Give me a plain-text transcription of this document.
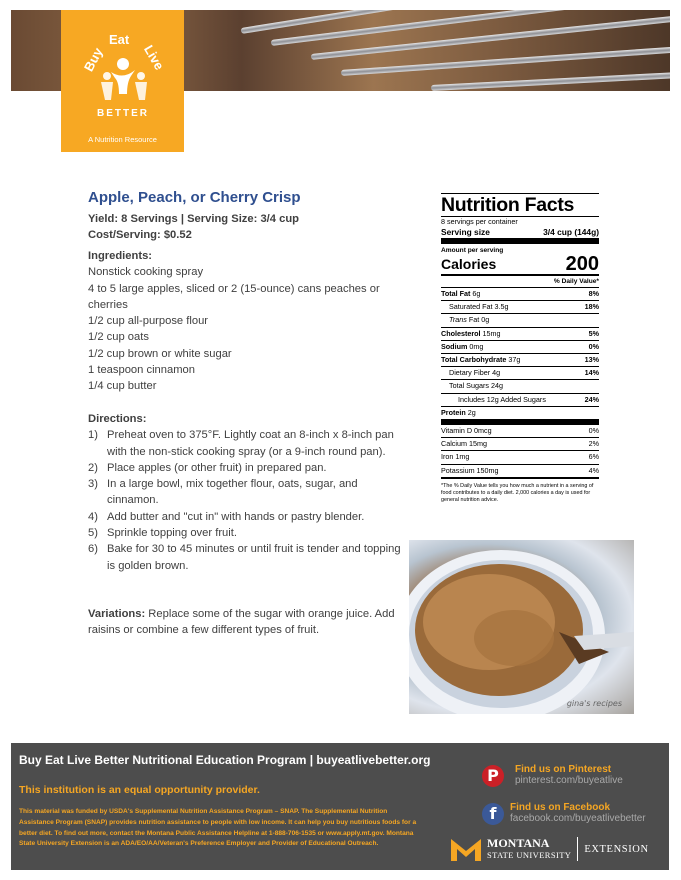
Buy
Eat
Live
BETTER
A Nutrition Resource
Apple, Peach, or Cherry Crisp
Yield: 8 Servings | Serving Size: 3/4 cup
Cost/Serving: $0.52
Ingredients:
Nonstick cooking spray
4 to 5 large apples, sliced or 2 (15-ounce) cans peaches or cherries
1/2 cup all-purpose flour
1/2 cup oats
1/2 cup brown or white sugar
1 teaspoon cinnamon
1/4 cup butter
Directions:
1) Preheat oven to 375°F. Lightly coat an 8-inch x 8-inch pan with the non-stick cooking spray (or a 9-inch round pan).
2) Place apples (or other fruit) in prepared pan.
3) In a large bowl, mix together flour, oats, sugar, and cinnamon.
4) Add butter and "cut in" with hands or pastry blender.
5) Sprinkle topping over fruit.
6) Bake for 30 to 45 minutes or until fruit is tender and topping is golden brown.
Variations: Replace some of the sugar with orange juice. Add raisins or combine a few different types of fruit.
Nutrition Facts
8 servings per container
Serving size	3/4 cup (144g)
Amount per serving
Calories	200
% Daily Value*
Total Fat 6g	8%
Saturated Fat 3.5g	18%
Trans Fat 0g
Cholesterol 15mg	5%
Sodium 0mg	0%
Total Carbohydrate 37g	13%
Dietary Fiber 4g	14%
Total Sugars 24g
Includes 12g Added Sugars	24%
Protein 2g
Vitamin D 0mcg	0%
Calcium 15mg	2%
Iron 1mg	6%
Potassium 150mg	4%
*The % Daily Value tells you how much a nutrient in a serving of food contributes to a daily diet. 2,000 calories a day is used for general nutrition advice.
gina's recipes
Buy Eat Live Better Nutritional Education Program | buyeatlivebetter.org
This institution is an equal opportunity provider.
This material was funded by USDA's Supplemental Nutrition Assistance Program – SNAP. The Supplemental Nutrition Assistance Program (SNAP) provides nutrition assistance to people with low income. It can help you buy nutritious foods for a better diet. To find out more, contact the Montana Public Assistance Helpline at 1-888-706-1535 or www.apply.mt.gov. Montana State University Extension is an ADA/EO/AA/Veteran's Preference Employer and Provider of Educational Outreach.
P	Find us on Pinterest
pinterest.com/buyeatlive
f	Find us on Facebook
facebook.com/buyeatlivebetter
MONTANA
STATE UNIVERSITY
EXTENSION
